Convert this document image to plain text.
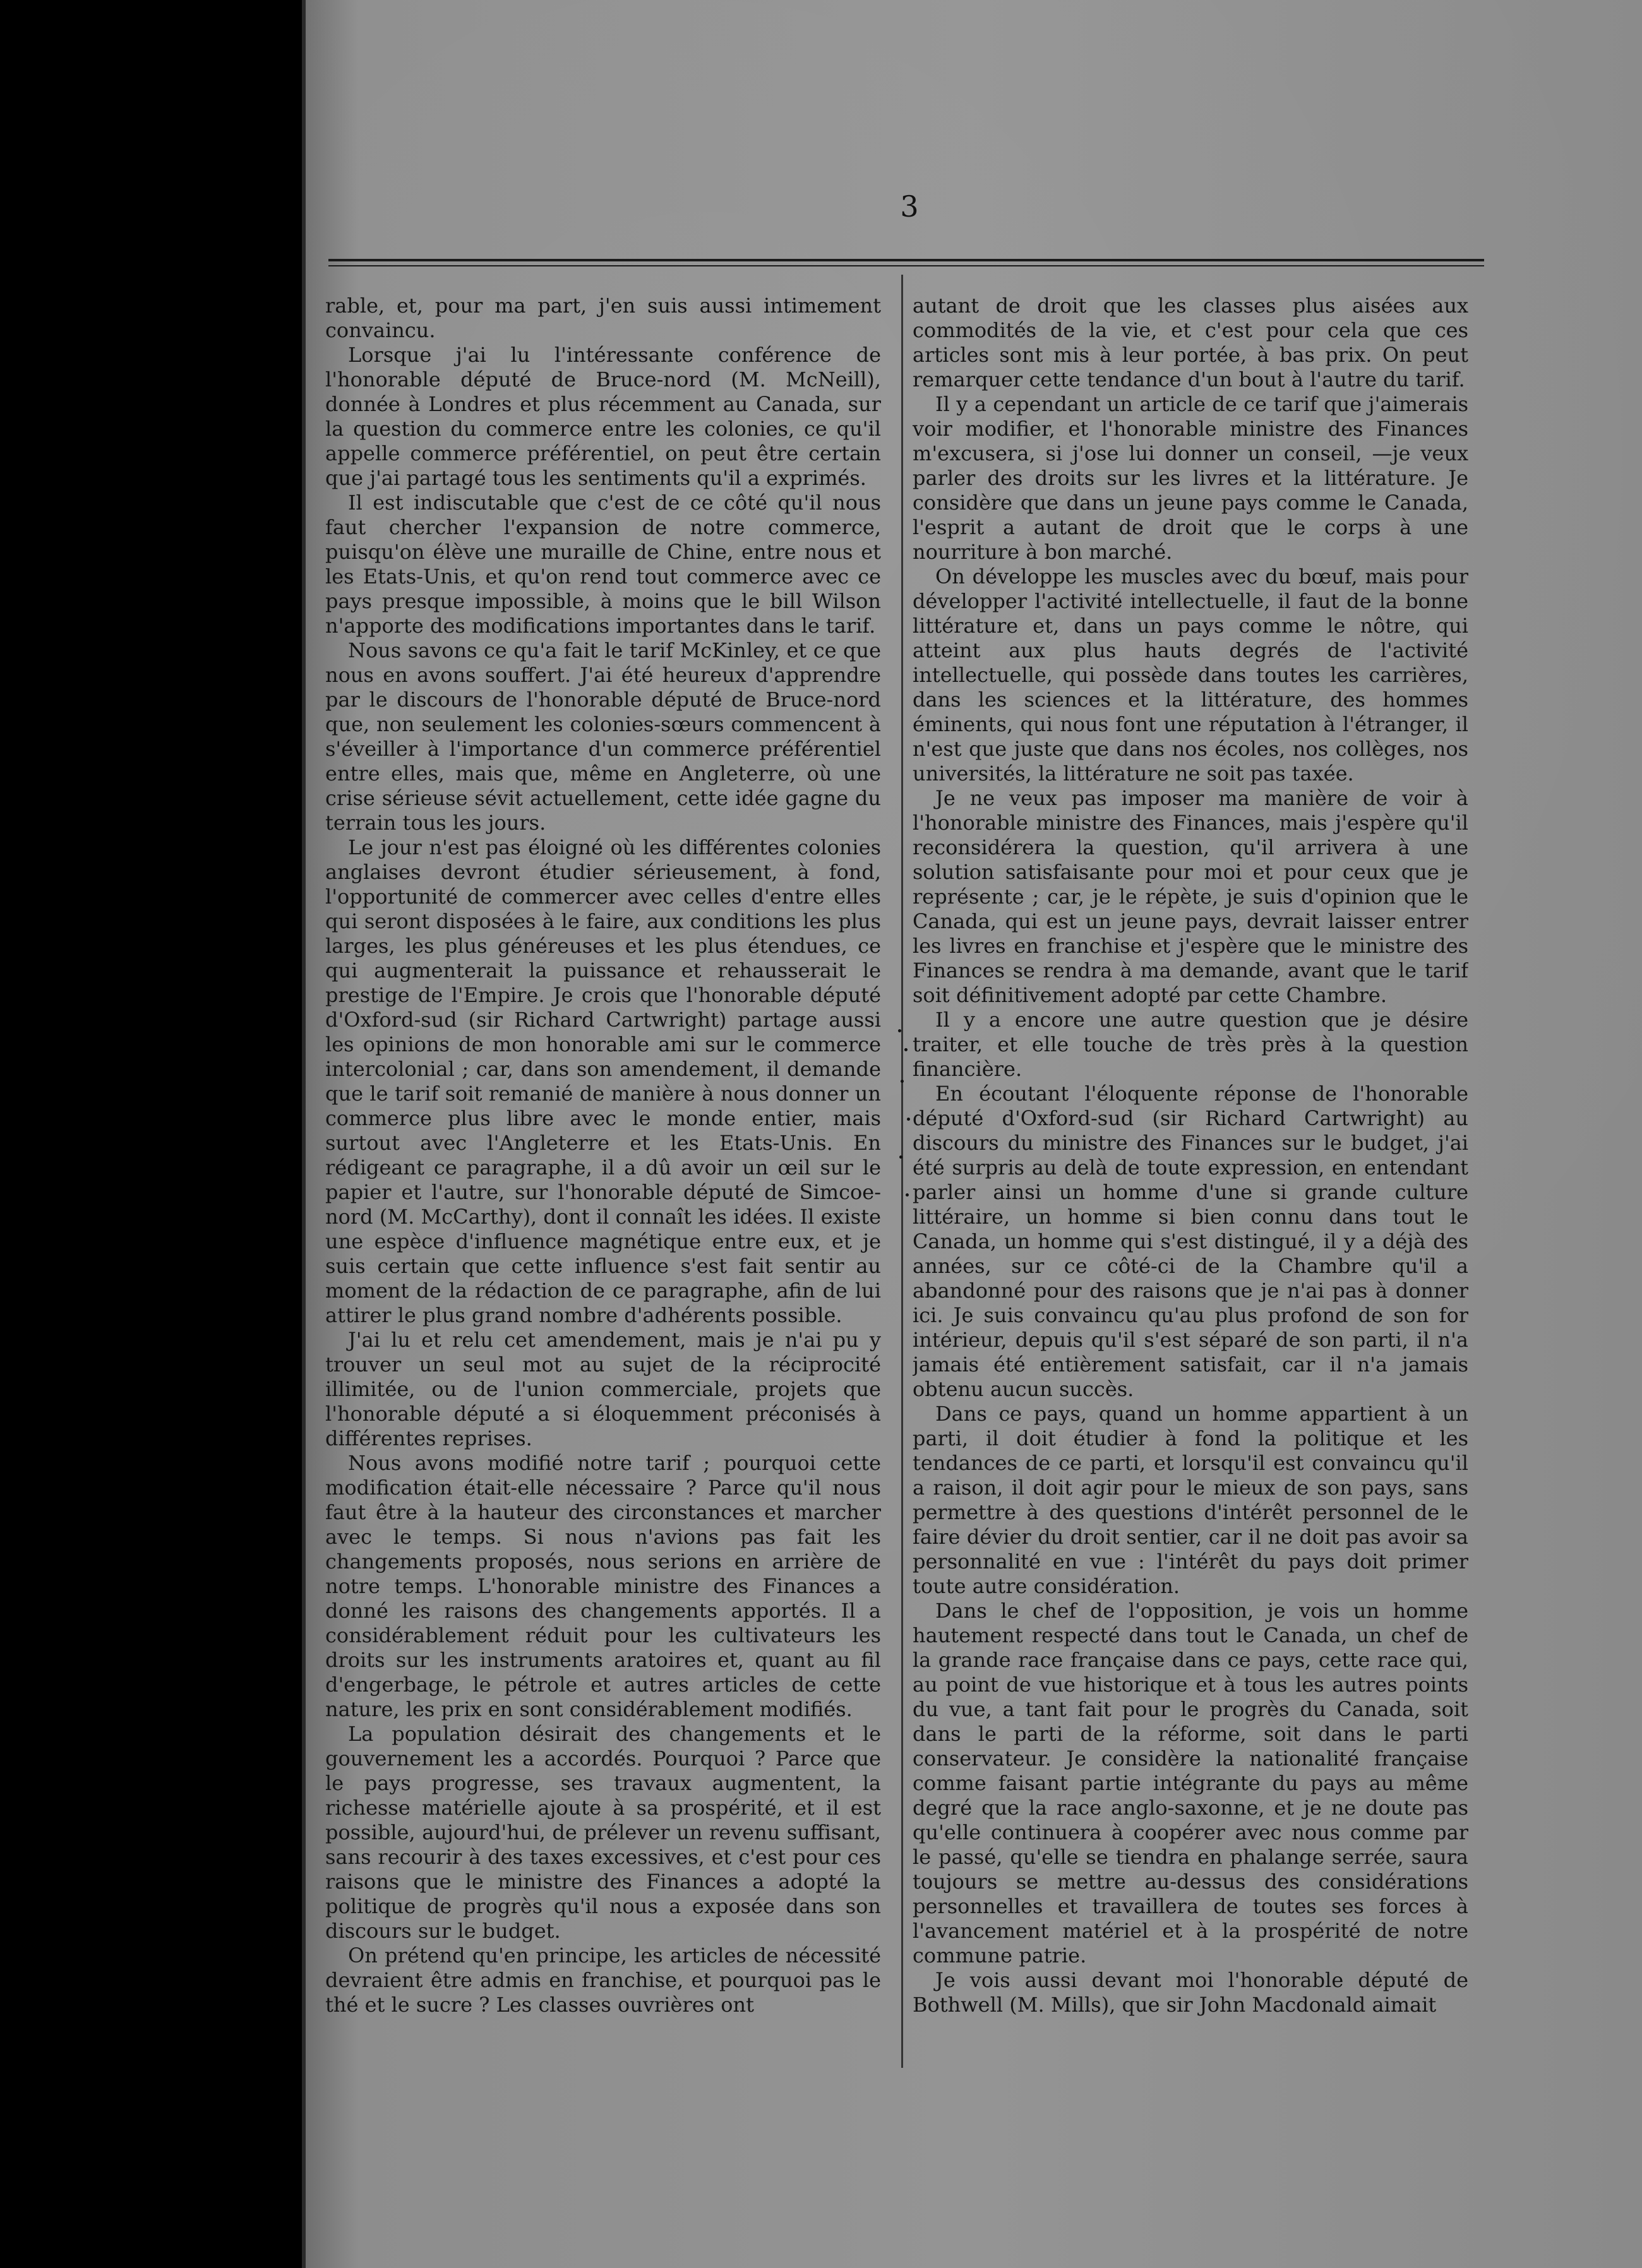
3

rable, et, pour ma part, j'en suis aussi intimement convaincu.

Lorsque j'ai lu l'intéressante conférence de l'honorable député de Bruce-nord (M. McNeill), donnée à Londres et plus récemment au Canada, sur la question du commerce entre les colonies, ce qu'il appelle commerce préférentiel, on peut être certain que j'ai partagé tous les sentiments qu'il a exprimés.

Il est indiscutable que c'est de ce côté qu'il nous faut chercher l'expansion de notre commerce, puisqu'on élève une muraille de Chine, entre nous et les Etats-Unis, et qu'on rend tout commerce avec ce pays presque impossible, à moins que le bill Wilson n'apporte des modifications importantes dans le tarif.

Nous savons ce qu'a fait le tarif McKinley, et ce que nous en avons souffert. J'ai été heureux d'apprendre par le discours de l'honorable député de Bruce-nord que, non seulement les colonies-sœurs commencent à s'éveiller à l'importance d'un commerce préférentiel entre elles, mais que, même en Angleterre, où une crise sérieuse sévit actuellement, cette idée gagne du terrain tous les jours.

Le jour n'est pas éloigné où les différentes colonies anglaises devront étudier sérieusement, à fond, l'opportunité de commercer avec celles d'entre elles qui seront disposées à le faire, aux conditions les plus larges, les plus généreuses et les plus étendues, ce qui augmenterait la puissance et rehausserait le prestige de l'Empire. Je crois que l'honorable député d'Oxford-sud (sir Richard Cartwright) partage aussi les opinions de mon honorable ami sur le commerce intercolonial ; car, dans son amendement, il demande que le tarif soit remanié de manière à nous donner un commerce plus libre avec le monde entier, mais surtout avec l'Angleterre et les Etats-Unis. En rédigeant ce paragraphe, il a dû avoir un œil sur le papier et l'autre, sur l'honorable député de Simcoe-nord (M. McCarthy), dont il connaît les idées. Il existe une espèce d'influence magnétique entre eux, et je suis certain que cette influence s'est fait sentir au moment de la rédaction de ce paragraphe, afin de lui attirer le plus grand nombre d'adhérents possible.

J'ai lu et relu cet amendement, mais je n'ai pu y trouver un seul mot au sujet de la réciprocité illimitée, ou de l'union commerciale, projets que l'honorable député a si éloquemment préconisés à différentes reprises.

Nous avons modifié notre tarif ; pourquoi cette modification était-elle nécessaire ? Parce qu'il nous faut être à la hauteur des circonstances et marcher avec le temps. Si nous n'avions pas fait les changements proposés, nous serions en arrière de notre temps. L'honorable ministre des Finances a donné les raisons des changements apportés. Il a considérablement réduit pour les cultivateurs les droits sur les instruments aratoires et, quant au fil d'engerbage, le pétrole et autres articles de cette nature, les prix en sont considérablement modifiés.

La population désirait des changements et le gouvernement les a accordés. Pourquoi ? Parce que le pays progresse, ses travaux augmentent, la richesse matérielle ajoute à sa prospérité, et il est possible, aujourd'hui, de prélever un revenu suffisant, sans recourir à des taxes excessives, et c'est pour ces raisons que le ministre des Finances a adopté la politique de progrès qu'il nous a exposée dans son discours sur le budget.

On prétend qu'en principe, les articles de nécessité devraient être admis en franchise, et pourquoi pas le thé et le sucre ? Les classes ouvrières ont

autant de droit que les classes plus aisées aux commodités de la vie, et c'est pour cela que ces articles sont mis à leur portée, à bas prix. On peut remarquer cette tendance d'un bout à l'autre du tarif.

Il y a cependant un article de ce tarif que j'aimerais voir modifier, et l'honorable ministre des Finances m'excusera, si j'ose lui donner un conseil, —je veux parler des droits sur les livres et la littérature. Je considère que dans un jeune pays comme le Canada, l'esprit a autant de droit que le corps à une nourriture à bon marché.

On développe les muscles avec du bœuf, mais pour développer l'activité intellectuelle, il faut de la bonne littérature et, dans un pays comme le nôtre, qui atteint aux plus hauts degrés de l'activité intellectuelle, qui possède dans toutes les carrières, dans les sciences et la littérature, des hommes éminents, qui nous font une réputation à l'étranger, il n'est que juste que dans nos écoles, nos collèges, nos universités, la littérature ne soit pas taxée.

Je ne veux pas imposer ma manière de voir à l'honorable ministre des Finances, mais j'espère qu'il reconsidérera la question, qu'il arrivera à une solution satisfaisante pour moi et pour ceux que je représente ; car, je le répète, je suis d'opinion que le Canada, qui est un jeune pays, devrait laisser entrer les livres en franchise et j'espère que le ministre des Finances se rendra à ma demande, avant que le tarif soit définitivement adopté par cette Chambre.

Il y a encore une autre question que je désire traiter, et elle touche de très près à la question financière.

En écoutant l'éloquente réponse de l'honorable député d'Oxford-sud (sir Richard Cartwright) au discours du ministre des Finances sur le budget, j'ai été surpris au delà de toute expression, en entendant parler ainsi un homme d'une si grande culture littéraire, un homme si bien connu dans tout le Canada, un homme qui s'est distingué, il y a déjà des années, sur ce côté-ci de la Chambre qu'il a abandonné pour des raisons que je n'ai pas à donner ici. Je suis convaincu qu'au plus profond de son for intérieur, depuis qu'il s'est séparé de son parti, il n'a jamais été entièrement satisfait, car il n'a jamais obtenu aucun succès.

Dans ce pays, quand un homme appartient à un parti, il doit étudier à fond la politique et les tendances de ce parti, et lorsqu'il est convaincu qu'il a raison, il doit agir pour le mieux de son pays, sans permettre à des questions d'intérêt personnel de le faire dévier du droit sentier, car il ne doit pas avoir sa personnalité en vue : l'intérêt du pays doit primer toute autre considération.

Dans le chef de l'opposition, je vois un homme hautement respecté dans tout le Canada, un chef de la grande race française dans ce pays, cette race qui, au point de vue historique et à tous les autres points du vue, a tant fait pour le progrès du Canada, soit dans le parti de la réforme, soit dans le parti conservateur. Je considère la nationalité française comme faisant partie intégrante du pays au même degré que la race anglo-saxonne, et je ne doute pas qu'elle continuera à coopérer avec nous comme par le passé, qu'elle se tiendra en phalange serrée, saura toujours se mettre au-dessus des considérations personnelles et travaillera de toutes ses forces à l'avancement matériel et à la prospérité de notre commune patrie.

Je vois aussi devant moi l'honorable député de Bothwell (M. Mills), que sir John Macdonald aimait
